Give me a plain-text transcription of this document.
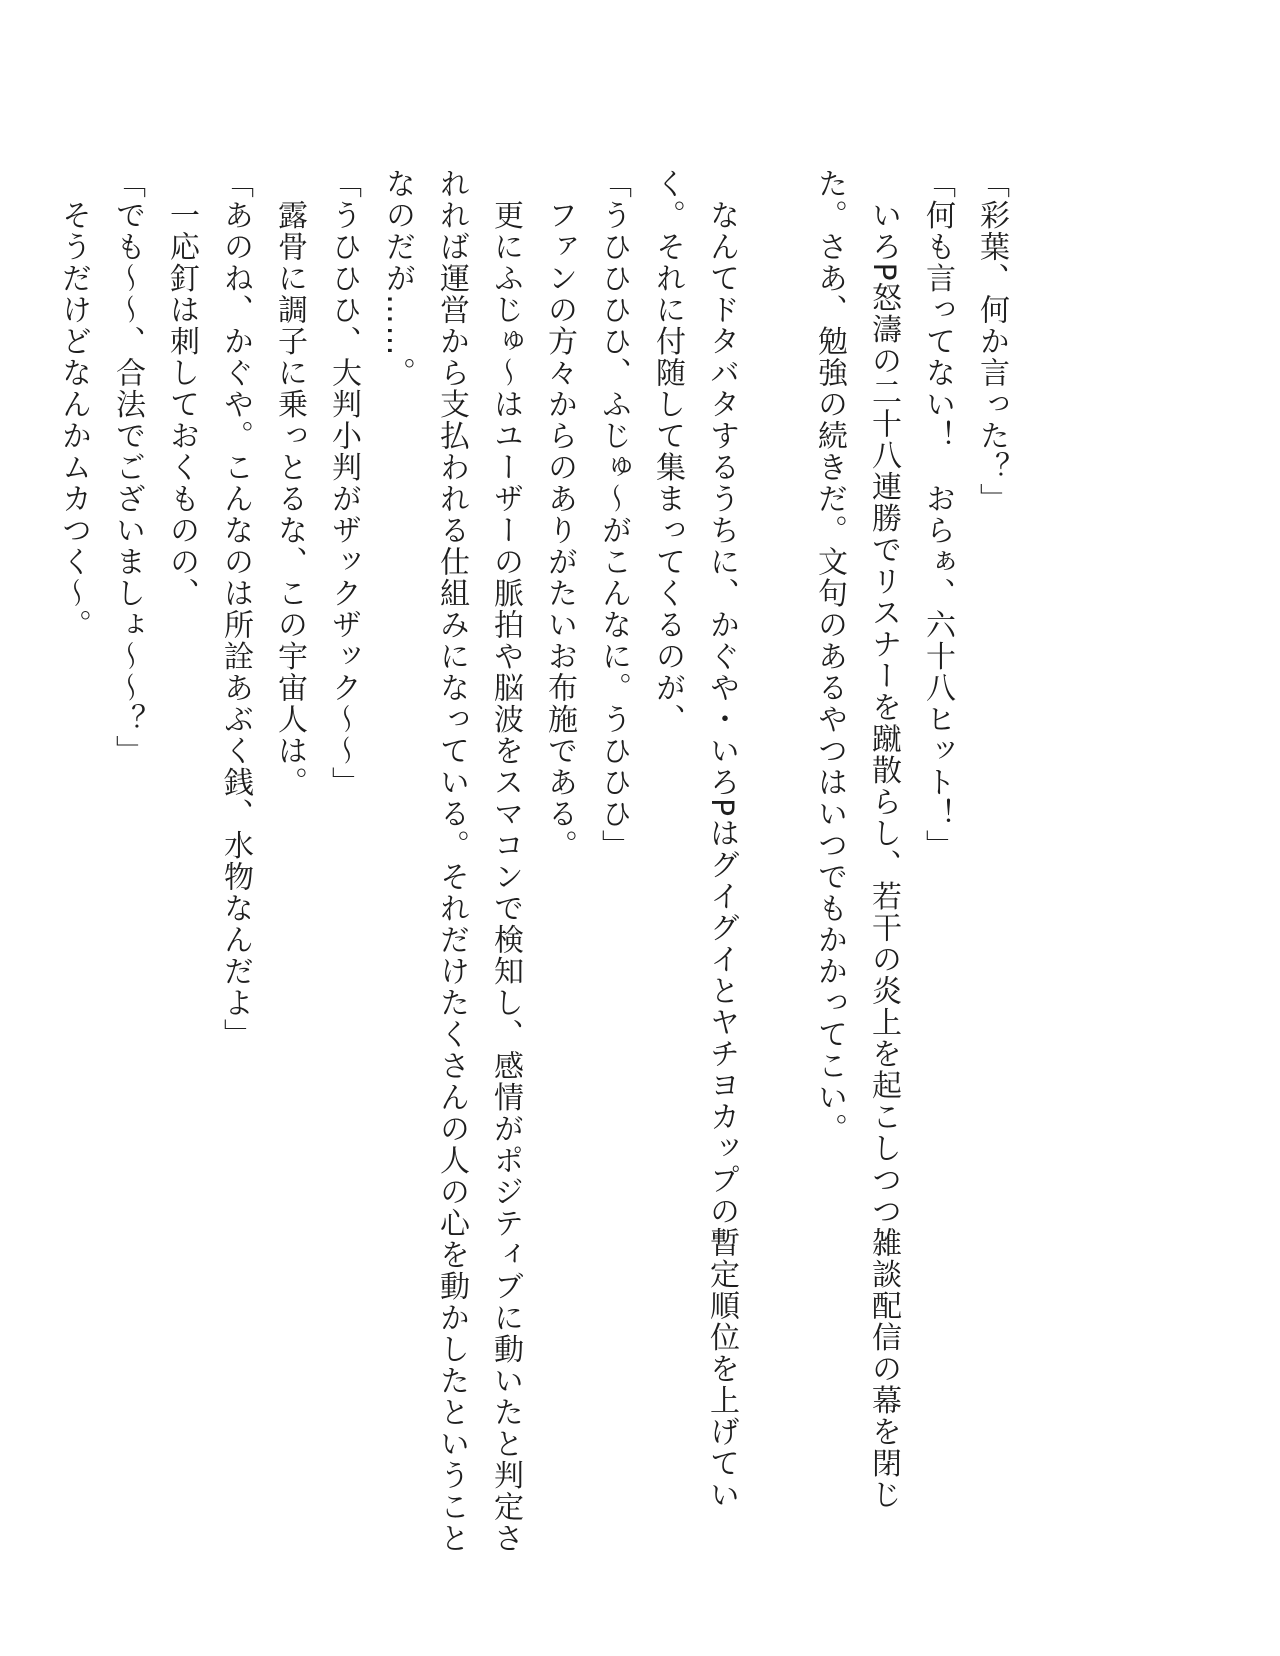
「彩葉、何か言った？」
「何も言ってない！　おらぁ、六十八ヒット！」
　いろP怒濤の二十八連勝でリスナーを蹴散らし、若干の炎上を起こしつつ雑談配信の幕を閉じ
た。さあ、勉強の続きだ。文句のあるやつはいつでもかかってこい。
　なんてドタバタするうちに、かぐや・いろPはグイグイとヤチヨカップの暫定順位を上げてい
く。それに付随して集まってくるのが、
「うひひひひ、ふじゅ〜がこんなに。うひひひ」
　ファンの方々からのありがたいお布施である。
　更にふじゅ〜はユーザーの脈拍や脳波をスマコンで検知し、感情がポジティブに動いたと判定さ
れれば運営から支払われる仕組みになっている。それだけたくさんの人の心を動かしたということ
なのだが……。
「うひひひ、大判小判がザックザック〜〜」
　露骨に調子に乗っとるな、この宇宙人は。
「あのね、かぐや。こんなのは所詮あぶく銭、水物なんだよ」
　一応釘は刺しておくものの、
「でも〜〜、合法でございましょ〜〜？」
　そうだけどなんかムカつく〜。
